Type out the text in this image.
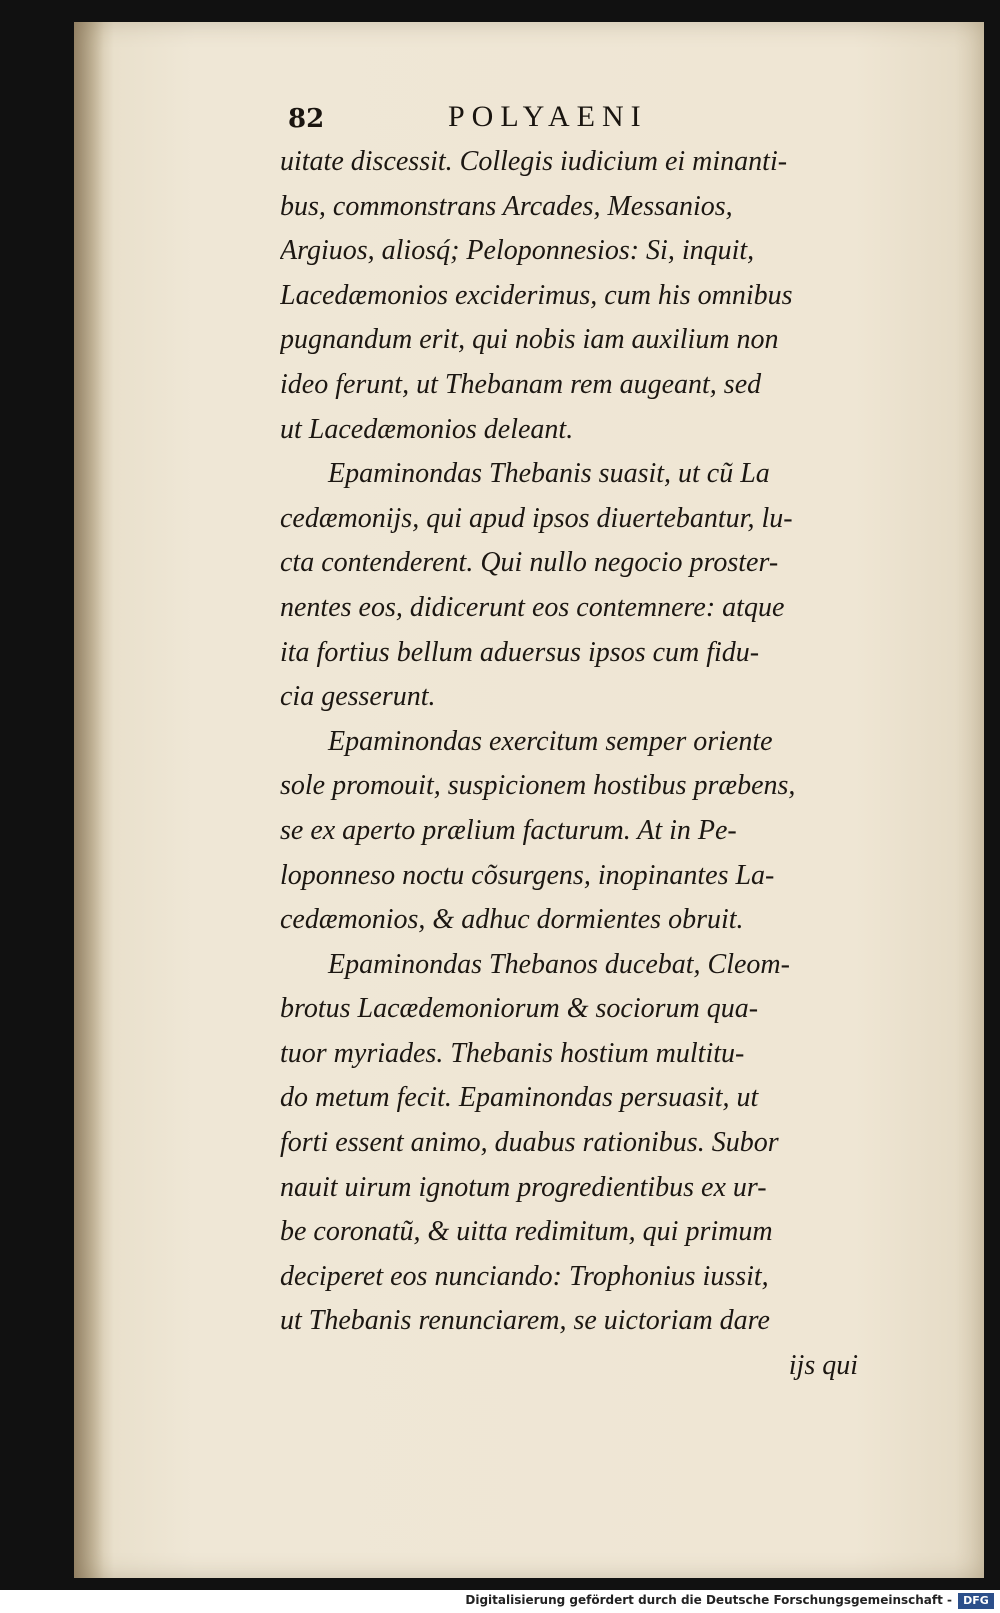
82	POLYAENI
uitate discessit. Collegis iudicium ei minanti-
bus, commonstrans Arcades, Messanios,
Argiuos, aliosq́; Peloponnesios: Si, inquit,
Lacedæmonios exciderimus, cum his omnibus
pugnandum erit, qui nobis iam auxilium non
ideo ferunt, ut Thebanam rem augeant, sed
ut Lacedæmonios deleant.
Epaminondas Thebanis suasit, ut cũ La
cedæmonijs, qui apud ipsos diuertebantur, lu-
cta contenderent. Qui nullo negocio proster-
nentes eos, didicerunt eos contemnere: atque
ita fortius bellum aduersus ipsos cum fidu-
cia gesserunt.
Epaminondas exercitum semper oriente
sole promouit, suspicionem hostibus præbens,
se ex aperto prælium facturum. At in Pe-
loponneso noctu cõsurgens, inopinantes La-
cedæmonios, & adhuc dormientes obruit.
Epaminondas Thebanos ducebat, Cleom-
brotus Lacædemoniorum & sociorum qua-
tuor myriades. Thebanis hostium multitu-
do metum fecit. Epaminondas persuasit, ut
forti essent animo, duabus rationibus. Subor
nauit uirum ignotum progredientibus ex ur-
be coronatũ, & uitta redimitum, qui primum
deciperet eos nunciando: Trophonius iussit,
ut Thebanis renunciarem, se uictoriam dare
ijs qui
Digitalisierung gefördert durch die Deutsche Forschungsgemeinschaft -	DFG
